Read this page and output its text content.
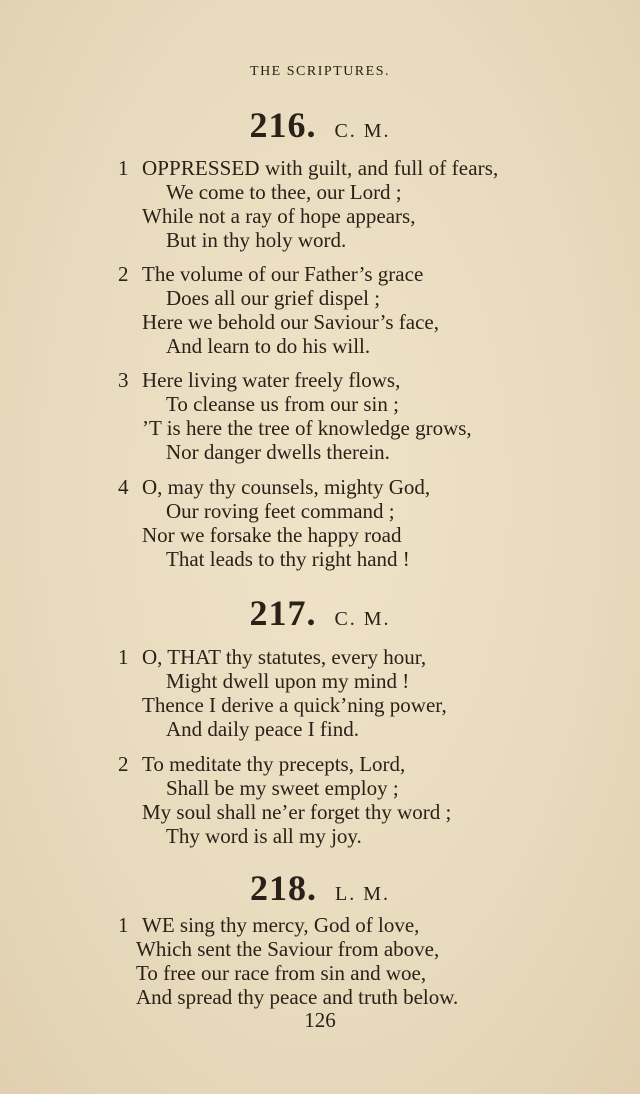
THE SCRIPTURES.
216. C. M.
1 OPPRESSED with guilt, and full of fears,
We come to thee, our Lord ;
While not a ray of hope appears,
But in thy holy word.
2 The volume of our Father’s grace
Does all our grief dispel ;
Here we behold our Saviour’s face,
And learn to do his will.
3 Here living water freely flows,
To cleanse us from our sin ;
’T is here the tree of knowledge grows,
Nor danger dwells therein.
4 O, may thy counsels, mighty God,
Our roving feet command ;
Nor we forsake the happy road
That leads to thy right hand !
217. C. M.
1 O, THAT thy statutes, every hour,
Might dwell upon my mind !
Thence I derive a quick’ning power,
And daily peace I find.
2 To meditate thy precepts, Lord,
Shall be my sweet employ ;
My soul shall ne’er forget thy word ;
Thy word is all my joy.
218. L. M.
1 WE sing thy mercy, God of love,
Which sent the Saviour from above,
To free our race from sin and woe,
And spread thy peace and truth below.
126
